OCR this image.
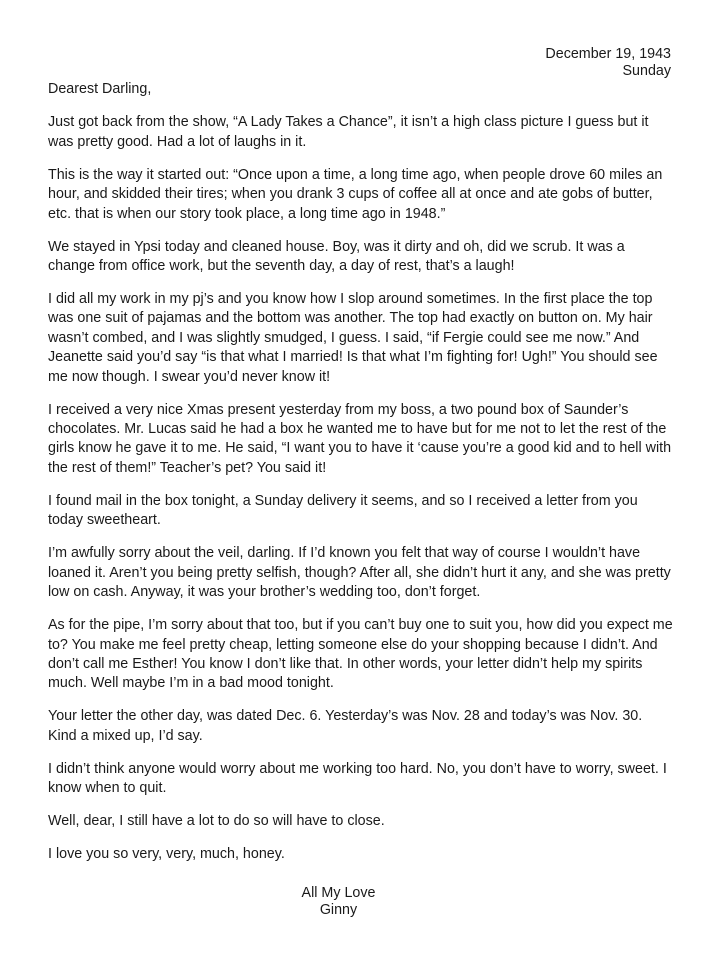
December 19, 1943
Sunday
Dearest Darling,

Just got back from the show, “A Lady Takes a Chance”, it isn’t a high class picture I guess but it was pretty good. Had a lot of laughs in it.

This is the way it started out: “Once upon a time, a long time ago, when people drove 60 miles an hour, and skidded their tires; when you drank 3 cups of coffee all at once and ate gobs of butter, etc. that is when our story took place, a long time ago in 1948.”

We stayed in Ypsi today and cleaned house. Boy, was it dirty and oh, did we scrub. It was a change from office work, but the seventh day, a day of rest, that’s a laugh!

I did all my work in my pj’s and you know how I slop around sometimes. In the first place the top was one suit of pajamas and the bottom was another. The top had exactly on button on. My hair wasn’t combed, and I was slightly smudged, I guess. I said, “if Fergie could see me now.” And Jeanette said you’d say “is that what I married! Is that what I’m fighting for! Ugh!” You should see me now though. I swear you’d never know it!

I received a very nice Xmas present yesterday from my boss, a two pound box of Saunder’s chocolates. Mr. Lucas said he had a box he wanted me to have but for me not to let the rest of the girls know he gave it to me. He said, “I want you to have it ‘cause you’re a good kid and to hell with the rest of them!” Teacher’s pet? You said it!

I found mail in the box tonight, a Sunday delivery it seems, and so I received a letter from you today sweetheart.

I’m awfully sorry about the veil, darling. If I’d known you felt that way of course I wouldn’t have loaned it. Aren’t you being pretty selfish, though? After all, she didn’t hurt it any, and she was pretty low on cash. Anyway, it was your brother’s wedding too, don’t forget.

As for the pipe, I’m sorry about that too, but if you can’t buy one to suit you, how did you expect me to? You make me feel pretty cheap, letting someone else do your shopping because I didn’t. And don’t call me Esther! You know I don’t like that. In other words, your letter didn’t help my spirits much. Well maybe I’m in a bad mood tonight.

Your letter the other day, was dated Dec. 6. Yesterday’s was Nov. 28 and today’s was Nov. 30. Kind a mixed up, I’d say.

I didn’t think anyone would worry about me working too hard. No, you don’t have to worry, sweet. I know when to quit.

Well, dear, I still have a lot to do so will have to close.

I love you so very, very, much, honey.

All My Love
Ginny
